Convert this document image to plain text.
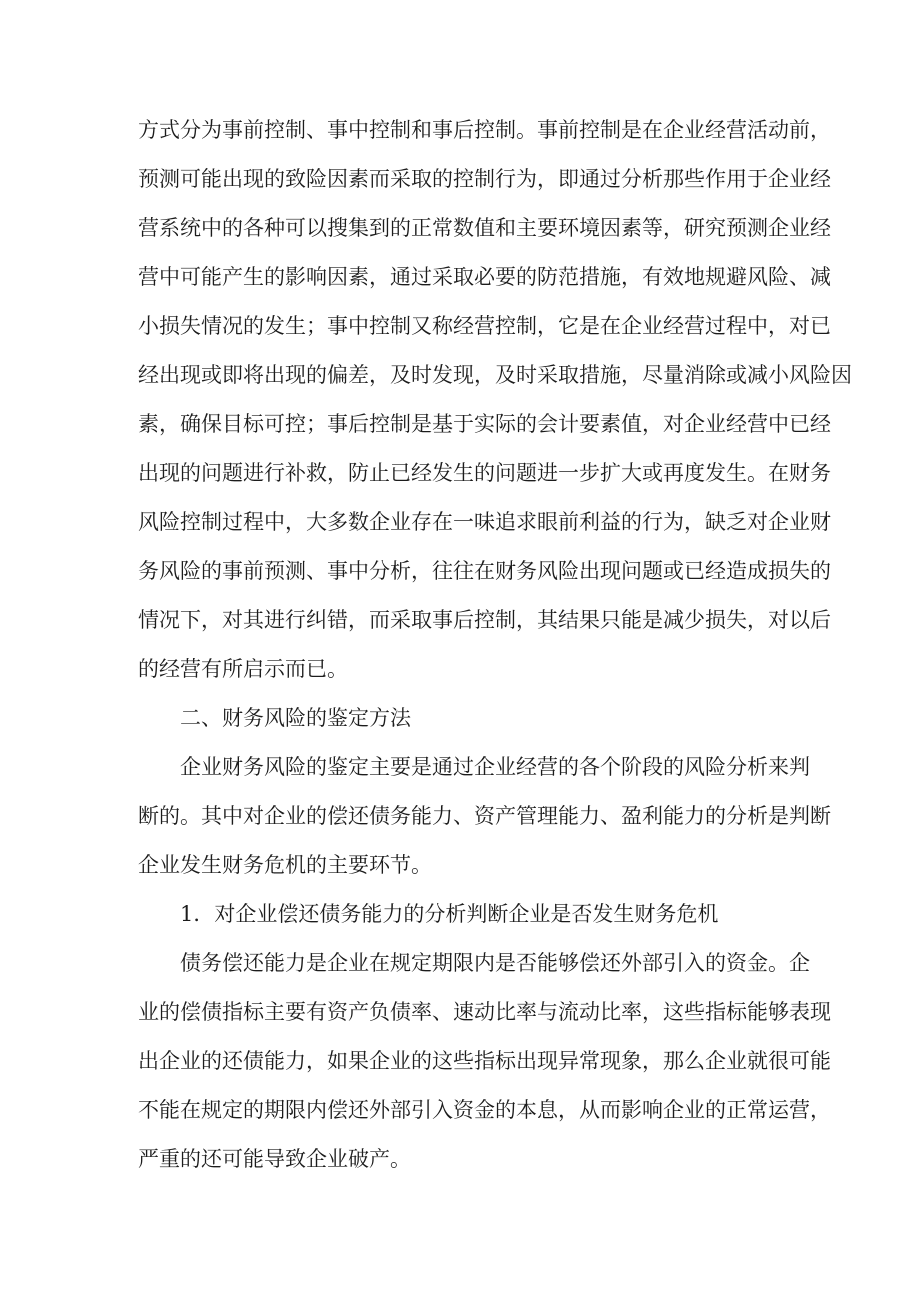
方式分为事前控制、事中控制和事后控制。事前控制是在企业经营活动前，

预测可能出现的致险因素而采取的控制行为，即通过分析那些作用于企业经

营系统中的各种可以搜集到的正常数值和主要环境因素等，研究预测企业经

营中可能产生的影响因素，通过采取必要的防范措施，有效地规避风险、减

小损失情况的发生；事中控制又称经营控制，它是在企业经营过程中，对已

经出现或即将出现的偏差，及时发现，及时采取措施，尽量消除或减小风险因

素，确保目标可控；事后控制是基于实际的会计要素值，对企业经营中已经

出现的问题进行补救，防止已经发生的问题进一步扩大或再度发生。在财务

风险控制过程中，大多数企业存在一味追求眼前利益的行为，缺乏对企业财

务风险的事前预测、事中分析，往往在财务风险出现问题或已经造成损失的

情况下，对其进行纠错，而采取事后控制，其结果只能是减少损失，对以后

的经营有所启示而已。

二、财务风险的鉴定方法

企业财务风险的鉴定主要是通过企业经营的各个阶段的风险分析来判

断的。其中对企业的偿还债务能力、资产管理能力、盈利能力的分析是判断

企业发生财务危机的主要环节。

1．对企业偿还债务能力的分析判断企业是否发生财务危机

债务偿还能力是企业在规定期限内是否能够偿还外部引入的资金。企

业的偿债指标主要有资产负债率、速动比率与流动比率，这些指标能够表现

出企业的还债能力，如果企业的这些指标出现异常现象，那么企业就很可能

不能在规定的期限内偿还外部引入资金的本息，从而影响企业的正常运营，

严重的还可能导致企业破产。
